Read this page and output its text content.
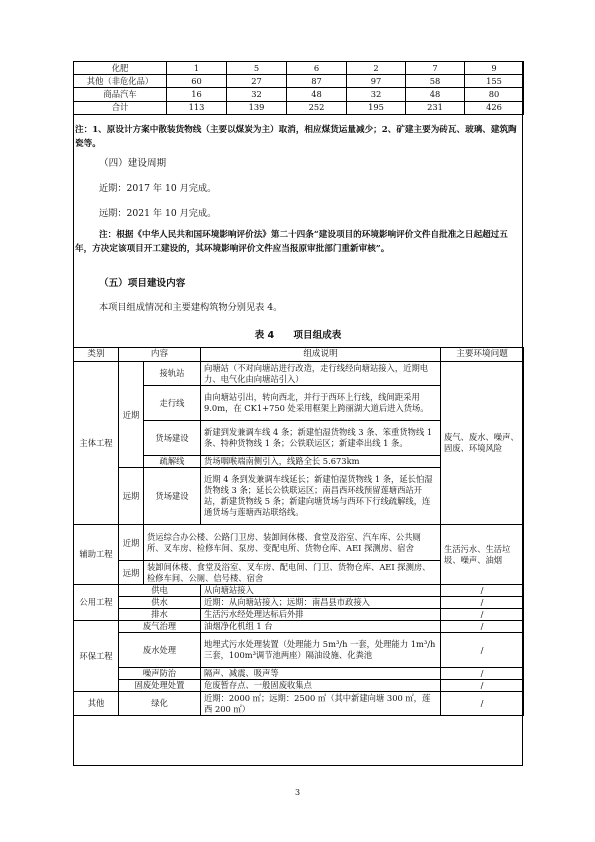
化肥	1	5	6	2	7	9
其他（非危化品）	60	27	87	97	58	155
商品汽车	16	32	48	32	48	80
合计	113	139	252	195	231	426
注：1、原设计方案中散装货物线（主要以煤炭为主）取消，相应煤货运量减少；2、矿建主要为砖瓦、玻璃、建筑陶瓷等。
（四）建设周期
近期：2017 年 10 月完成。
远期：2021 年 10 月完成。
注：根据《中华人民共和国环境影响评价法》第二十四条“建设项目的环境影响评价文件自批准之日起超过五年，方决定该项目开工建设的，其环境影响评价文件应当报原审批部门重新审核”。
（五）项目建设内容
本项目组成情况和主要建构筑物分别见表 4。
表 4　　项目组成表
类别	内容		组成说明	主要环境问题
主体工程	近期	接轨站	向塘站（不对向塘站进行改造，走行线经向塘站接入，近期电力、电气化由向塘站引入）	废气、废水、噪声、固废、环境风险
		走行线	由向塘站引出，转向西北，并行于西环上行线，线间距采用 9.0m，在 CK1+750 处采用框架上跨丽湖大道后进入货场。	
		货场建设	新建到发兼调车线 4 条；新建怕湿货物线 3 条、笨重货物线 1 条、特种货物线 1 条；公铁联运区；新建牵出线 1 条。	
		疏解线	货场咽喉端南侧引入，线路全长 5.673km	
	远期	货场建设	近期 4 条到发兼调车线延长；新建怕湿货物线 1 条，延长怕湿货物线 3 条；延长公铁联运区；南昌西环线预留莲塘西站开站，新建货物线 5 条；新建向塘货场与西环下行线疏解线，连通货场与莲塘西站联络线。	
辅助工程	近期	货运综合办公楼、公路门卫房、装卸间休楼、食堂及浴室、汽车库、公共厕所、叉车房、检修车间、泵房、变配电所、货物仓库、AEI 探测房、宿舍		生活污水、生活垃圾、噪声、油烟
	远期	装卸间休楼、食堂及浴室、叉车房、配电间、门卫、货物仓库、AEI 探测房、检修车间、公厕、信号楼、宿舍		
公用工程	供电		从向塘站接入	/
	供水		近期：从向塘站接入；远期：南昌县市政接入	/
	排水		生活污水经处理达标后外排	/
环保工程	废气治理		油烟净化机组 1 台	/
	废水处理		地埋式污水处理装置（处理能力 5m³/h 一套，处理能力 1m³/h 三套，100m³调节池两座）隔油设施、化粪池	/
	噪声防治		隔声、减震、吸声等	/
	固废处理处置		危废暂存点、一般固废收集点	/
其他	绿化		近期：2000 ㎡；远期：2500 ㎡（其中新建向塘 300 ㎡，莲西 200 ㎡）	/
3
